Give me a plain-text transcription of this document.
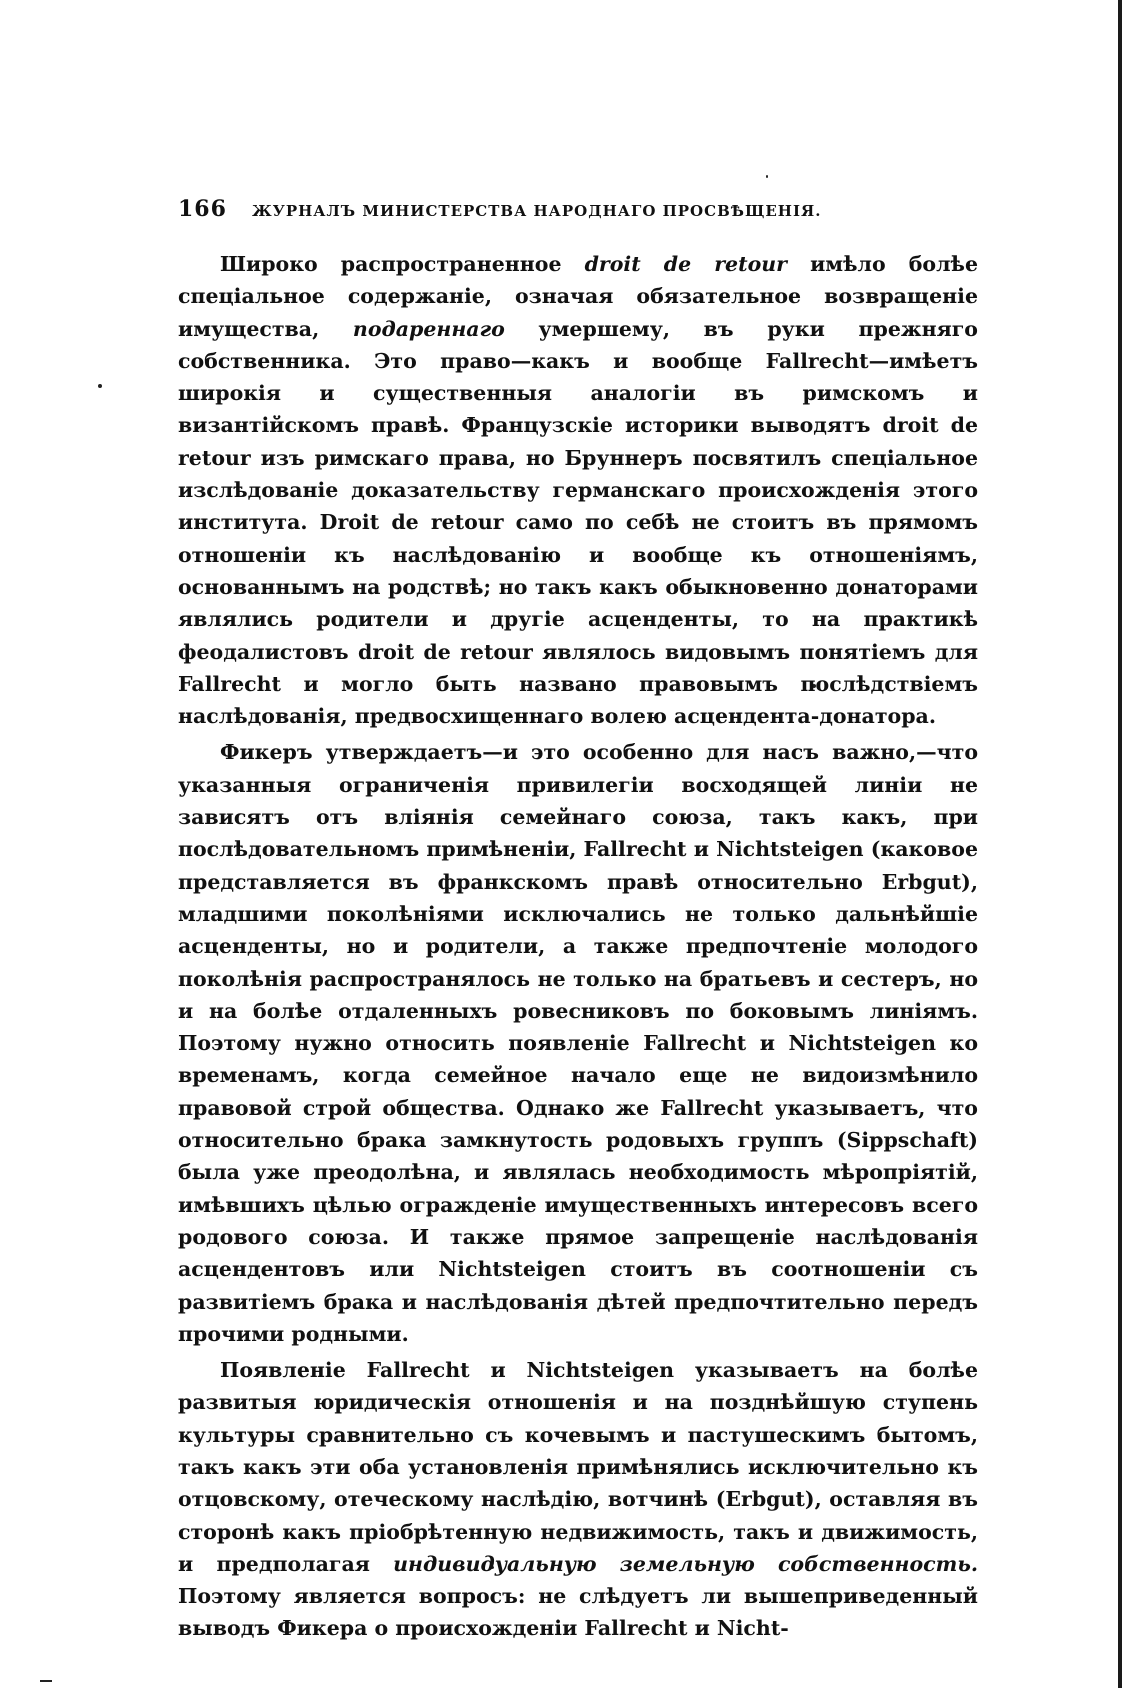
166	ЖУРНАЛЪ МИНИСТЕРСТВА НАРОДНАГО ПРОСВѢЩЕНІЯ.

Широко распространенное droit de retour имѣло болѣе спеціальное содержаніе, означая обязательное возвращеніе имущества, подареннаго умершему, въ руки прежняго собственника. Это право—какъ и вообще Fallrecht—имѣетъ широкія и существенныя аналогіи въ римскомъ и византійскомъ правѣ. Французскіе историки выводятъ droit de retour изъ римскаго права, но Бруннеръ посвятилъ спеціальное изслѣдованіе доказательству германскаго происхожденія этого института. Droit de retour само по себѣ не стоитъ въ прямомъ отношеніи къ наслѣдованію и вообще къ отношеніямъ, основаннымъ на родствѣ; но такъ какъ обыкновенно донаторами являлись родители и другіе асценденты, то на практикѣ феодалистовъ droit de retour являлось видовымъ понятіемъ для Fallrecht и могло быть названо правовымъ послѣдствіемъ наслѣдованія, предвосхищеннаго волею асцендента-донатора.

Фикеръ утверждаетъ—и это особенно для насъ важно,—что указанныя ограниченія привилегіи восходящей линіи не зависятъ отъ вліянія семейнаго союза, такъ какъ, при послѣдовательномъ примѣненіи, Fallrecht и Nichtsteigen (каковое представляется въ франкскомъ правѣ относительно Erbgut), младшими поколѣніями исключались не только дальнѣйшіе асценденты, но и родители, а также предпочтеніе молодого поколѣнія распространялось не только на братьевъ и сестеръ, но и на болѣе отдаленныхъ ровесниковъ по боковымъ линіямъ. Поэтому нужно относить появленіе Fallrecht и Nichtsteigen ко временамъ, когда семейное начало еще не видоизмѣнило правовой строй общества. Однако же Fallrecht указываетъ, что относительно брака замкнутость родовыхъ группъ (Sippschaft) была уже преодолѣна, и являлась необходимость мѣропріятій, имѣвшихъ цѣлью огражденіе имущественныхъ интересовъ всего родового союза. И также прямое запрещеніе наслѣдованія асцендентовъ или Nichtsteigen стоитъ въ соотношеніи съ развитіемъ брака и наслѣдованія дѣтей предпочтительно передъ прочими родными.

Появленіе Fallrecht и Nichtsteigen указываетъ на болѣе развитыя юридическія отношенія и на позднѣйшую ступень культуры сравнительно съ кочевымъ и пастушескимъ бытомъ, такъ какъ эти оба установленія примѣнялись исключительно къ отцовскому, отеческому наслѣдію, вотчинѣ (Erbgut), оставляя въ сторонѣ какъ пріобрѣтенную недвижимость, такъ и движимость, и предполагая индивидуальную земельную собственность. Поэтому является вопросъ: не слѣдуетъ ли вышеприведенный выводъ Фикера о происхожденіи Fallrecht и Nicht-
